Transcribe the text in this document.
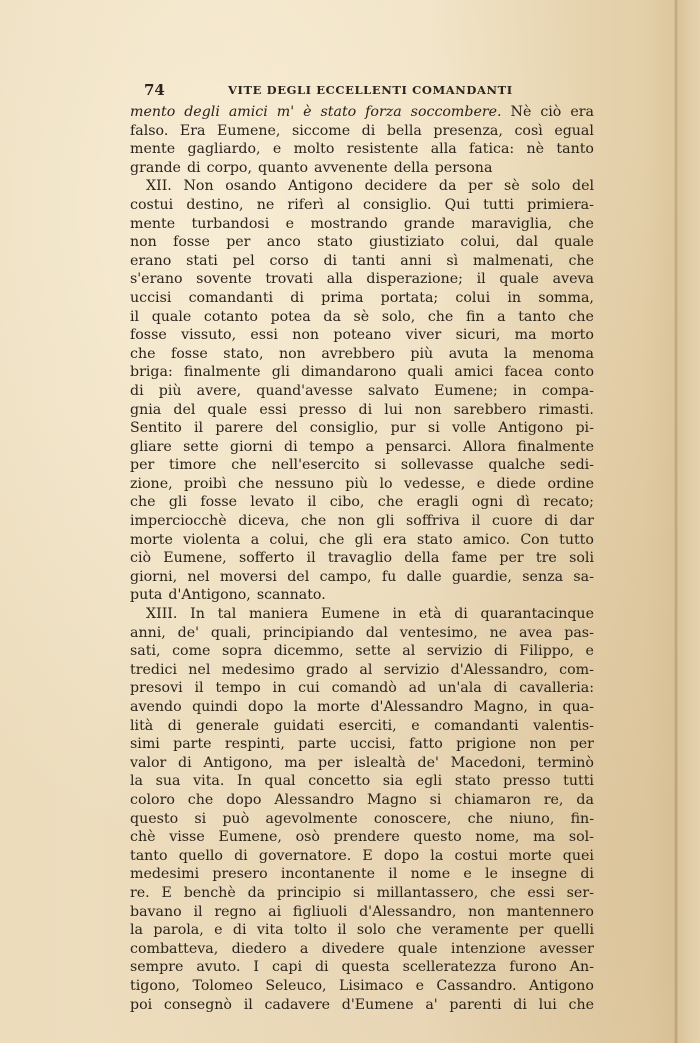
74	VITE DEGLI ECCELLENTI COMANDANTI
mento degli amici m' è stato forza soccombere. Nè ciò era
falso. Era Eumene, siccome di bella presenza, così egual
mente gagliardo, e molto resistente alla fatica: nè tanto
grande di corpo, quanto avvenente della persona
XII. Non osando Antigono decidere da per sè solo del
costui destino, ne riferì al consiglio. Qui tutti primiera-
mente turbandosi e mostrando grande maraviglia, che
non fosse per anco stato giustiziato colui, dal quale
erano stati pel corso di tanti anni sì malmenati, che
s'erano sovente trovati alla disperazione; il quale aveva
uccisi comandanti di prima portata; colui in somma,
il quale cotanto potea da sè solo, che fin a tanto che
fosse vissuto, essi non poteano viver sicuri, ma morto
che fosse stato, non avrebbero più avuta la menoma
briga: finalmente gli dimandarono quali amici facea conto
di più avere, quand'avesse salvato Eumene; in compa-
gnia del quale essi presso di lui non sarebbero rimasti.
Sentito il parere del consiglio, pur si volle Antigono pi-
gliare sette giorni di tempo a pensarci. Allora finalmente
per timore che nell'esercito si sollevasse qualche sedi-
zione, proibì che nessuno più lo vedesse, e diede ordine
che gli fosse levato il cibo, che eragli ogni dì recato;
imperciocchè diceva, che non gli soffriva il cuore di dar
morte violenta a colui, che gli era stato amico. Con tutto
ciò Eumene, sofferto il travaglio della fame per tre soli
giorni, nel moversi del campo, fu dalle guardie, senza sa-
puta d'Antigono, scannato.
XIII. In tal maniera Eumene in età di quarantacinque
anni, de' quali, principiando dal ventesimo, ne avea pas-
sati, come sopra dicemmo, sette al servizio di Filippo, e
tredici nel medesimo grado al servizio d'Alessandro, com-
presovi il tempo in cui comandò ad un'ala di cavalleria:
avendo quindi dopo la morte d'Alessandro Magno, in qua-
lità di generale guidati eserciti, e comandanti valentis-
simi parte respinti, parte uccisi, fatto prigione non per
valor di Antigono, ma per islealtà de' Macedoni, terminò
la sua vita. In qual concetto sia egli stato presso tutti
coloro che dopo Alessandro Magno si chiamaron re, da
questo si può agevolmente conoscere, che niuno, fin-
chè visse Eumene, osò prendere questo nome, ma sol-
tanto quello di governatore. E dopo la costui morte quei
medesimi presero incontanente il nome e le insegne di
re. E benchè da principio si millantassero, che essi ser-
bavano il regno ai figliuoli d'Alessandro, non mantennero
la parola, e di vita tolto il solo che veramente per quelli
combatteva, diedero a divedere quale intenzione avesser
sempre avuto. I capi di questa scelleratezza furono An-
tigono, Tolomeo Seleuco, Lisimaco e Cassandro. Antigono
poi consegnò il cadavere d'Eumene a' parenti di lui che
